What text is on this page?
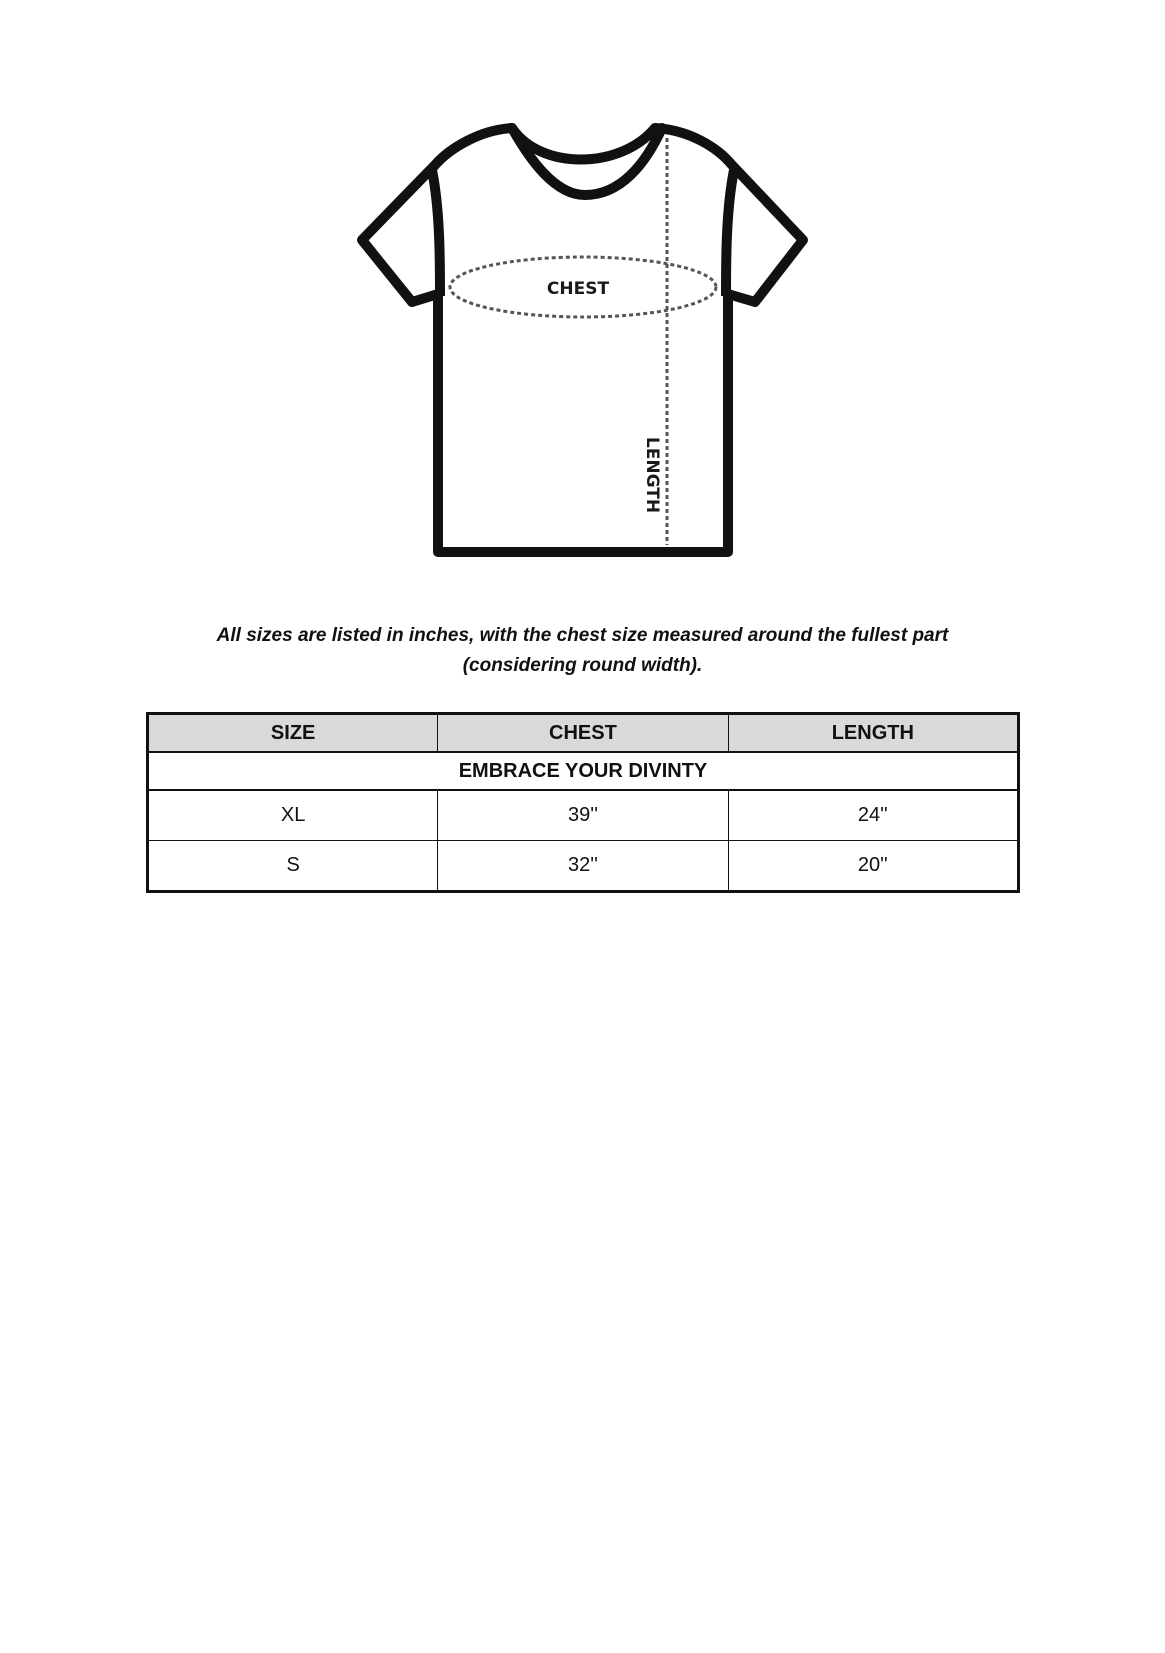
CHEST
LENGTH
All sizes are listed in inches, with the chest size measured around the fullest part
(considering round width).
SIZE	CHEST	LENGTH
EMBRACE YOUR DIVINTY		
XL	39''	24''
S	32''	20''
